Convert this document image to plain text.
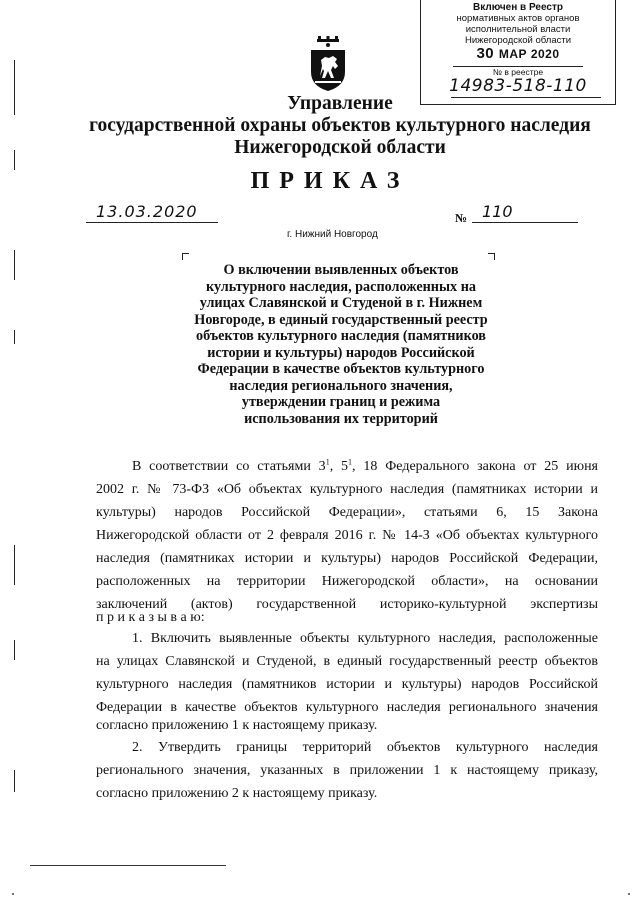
Включен в Реестр
нормативных актов органов
исполнительной власти
Нижегородской области
30 МАР 2020
№ в реестре
14983-518-110
Управление
государственной охраны объектов культурного наследия
Нижегородской области
ПРИКАЗ
13.03.2020	№ 110
г. Нижний Новгород
О включении выявленных объектов
культурного наследия, расположенных на
улицах Славянской и Студеной в г. Нижнем
Новгороде, в единый государственный реестр
объектов культурного наследия (памятников
истории и культуры) народов Российской
Федерации в качестве объектов культурного
наследия регионального значения,
утверждении границ и режима
использования их территорий
В соответствии со статьями $3^1$, $5^1$, 18 Федерального закона от 25 июня
2002 г. № 73-ФЗ «Об объектах культурного наследия (памятниках истории и
культуры) народов Российской Федерации», статьями 6, 15 Закона
Нижегородской области от 2 февраля 2016 г. № 14-З «Об объектах культурного
наследия (памятниках истории и культуры) народов Российской Федерации,
расположенных на территории Нижегородской области», на основании
заключений (актов) государственной историко-культурной экспертизы
п р и к а з ы в а ю:
1. Включить выявленные объекты культурного наследия, расположенные
на улицах Славянской и Студеной, в единый государственный реестр объектов
культурного наследия (памятников истории и культуры) народов Российской
Федерации в качестве объектов культурного наследия регионального значения
согласно приложению 1 к настоящему приказу.
2. Утвердить границы территорий объектов культурного наследия
регионального значения, указанных в приложении 1 к настоящему приказу,
согласно приложению 2 к настоящему приказу.
